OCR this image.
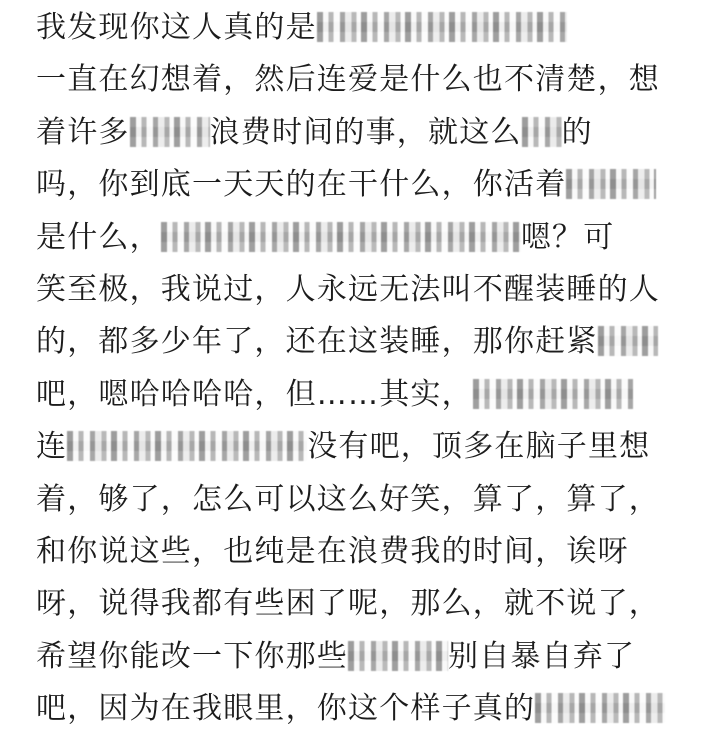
我发现你这人真的是
一直在幻想着，然后连爱是什么也不清楚，想
着许多	浪费时间的事，就这么 的
吗，你到底一天天的在干什么，你活着
是什么，	嗯？可
笑至极，我说过，人永远无法叫不醒装睡的人
的，都多少年了，还在这装睡，那你赶紧
吧，嗯哈哈哈哈，但……其实，
连	没有吧，顶多在脑子里想
着，够了，怎么可以这么好笑，算了，算了，
和你说这些，也纯是在浪费我的时间，诶呀
呀，说得我都有些困了呢，那么，就不说了，
希望你能改一下你那些	别自暴自弃了
吧，因为在我眼里，你这个样子真的
